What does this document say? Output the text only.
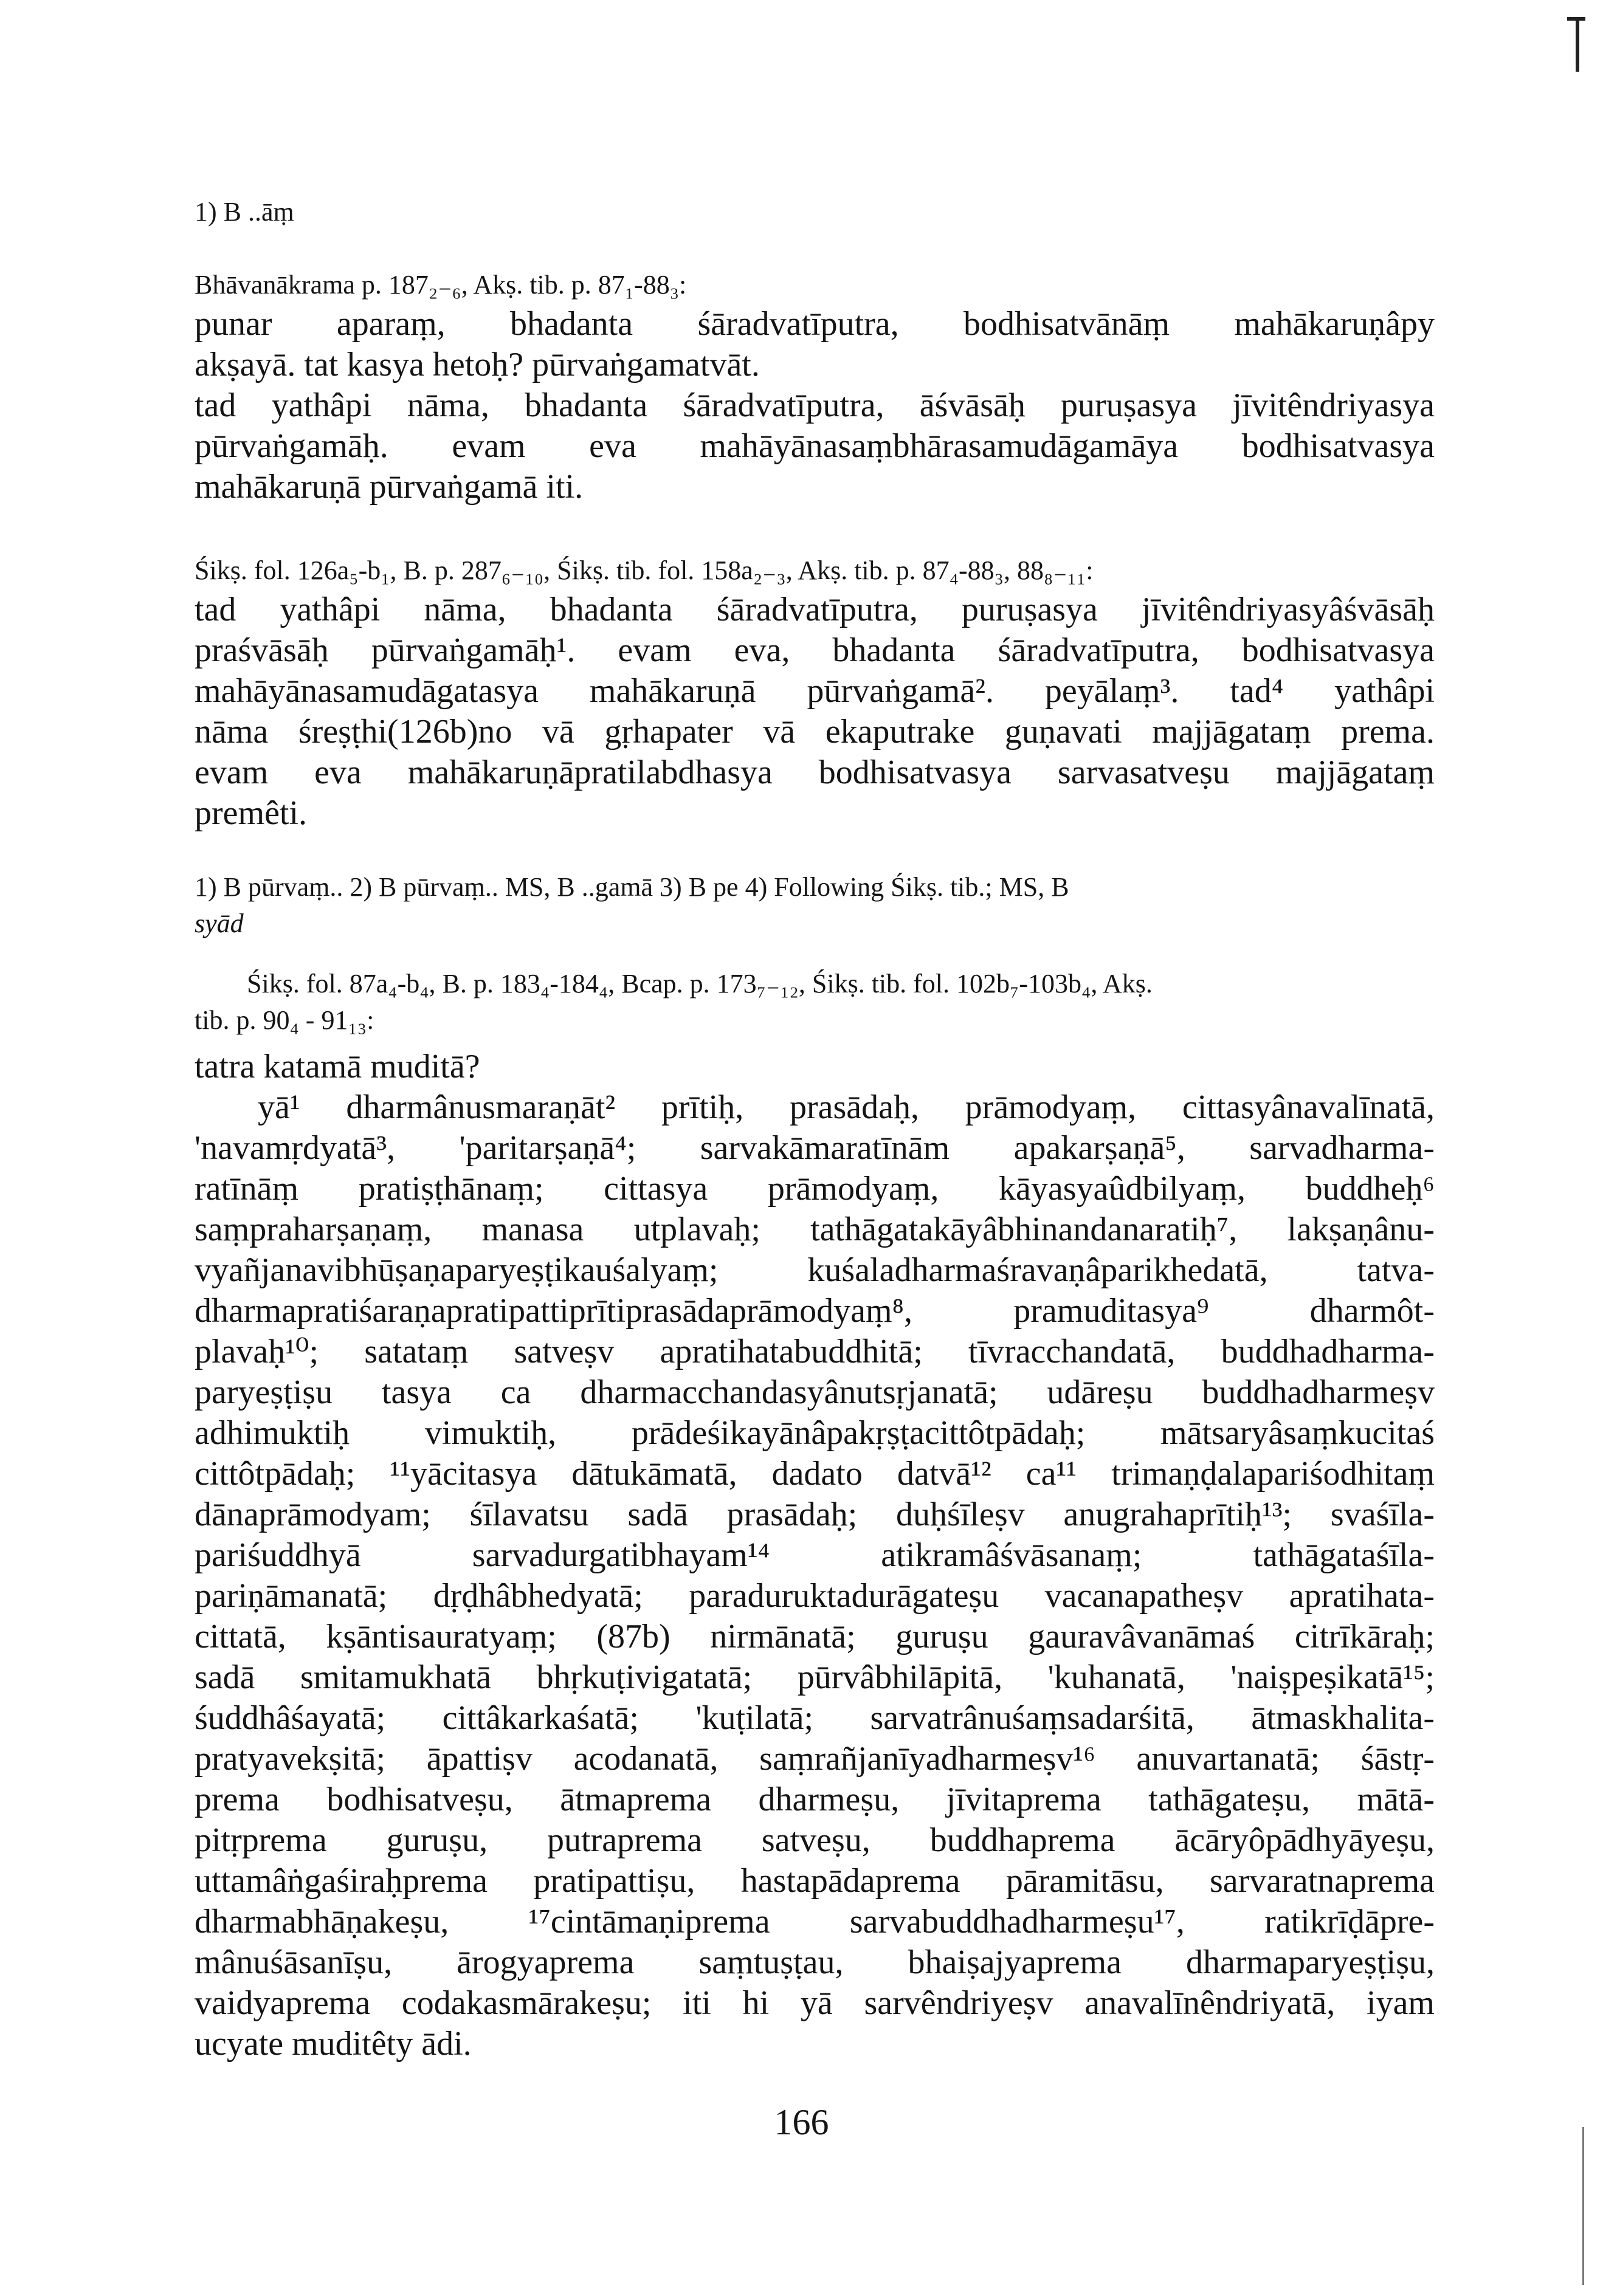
1) B ..āṃ

Bhāvanākrama p. 187₂₋₆, Akṣ. tib. p. 87₁-88₃:

punar aparaṃ, bhadanta śāradvatīputra, bodhisatvānāṃ mahākaruṇâpy

akṣayā. tat kasya hetoḥ? pūrvaṅgamatvāt.

tad yathâpi nāma, bhadanta śāradvatīputra, āśvāsāḥ puruṣasya jīvitêndriyasya

pūrvaṅgamāḥ. evam eva mahāyānasaṃbhārasamudāgamāya bodhisatvasya

mahākaruṇā pūrvaṅgamā iti.

Śikṣ. fol. 126a₅-b₁, B. p. 287₆₋₁₀, Śikṣ. tib. fol. 158a₂₋₃, Akṣ. tib. p. 87₄-88₃, 88₈₋₁₁:

tad yathâpi nāma, bhadanta śāradvatīputra, puruṣasya jīvitêndriyasyâśvāsāḥ

praśvāsāḥ pūrvaṅgamāḥ¹. evam eva, bhadanta śāradvatīputra, bodhisatvasya

mahāyānasamudāgatasya mahākaruṇā pūrvaṅgamā². peyālaṃ³. tad⁴ yathâpi

nāma śreṣṭhi(126b)no vā gṛhapater vā ekaputrake guṇavati majjāgataṃ prema.

evam eva mahākaruṇāpratilabdhasya bodhisatvasya sarvasatveṣu majjāgataṃ

premêti.

1) B pūrvaṃ.. 2) B pūrvaṃ.. MS, B ..gamā 3) B pe 4) Following Śikṣ. tib.; MS, B

syād

Śikṣ. fol. 87a₄-b₄, B. p. 183₄-184₄, Bcap. p. 173₇₋₁₂, Śikṣ. tib. fol. 102b₇-103b₄, Akṣ.

tib. p. 90₄ - 91₁₃:

tatra katamā muditā?

yā¹ dharmânusmaraṇāt² prītiḥ, prasādaḥ, prāmodyaṃ, cittasyânavalīnatā,

'navamṛdyatā³, 'paritarṣaṇā⁴; sarvakāmaratīnām apakarṣaṇā⁵, sarvadharma-

ratīnāṃ pratiṣṭhānaṃ; cittasya prāmodyaṃ, kāyasyaûdbilyaṃ, buddheḥ⁶

saṃpraharṣaṇaṃ, manasa utplavaḥ; tathāgatakāyâbhinandanaratiḥ⁷, lakṣaṇânu-

vyañjanavibhūṣaṇaparyeṣṭikauśalyaṃ; kuśaladharmaśravaṇâparikhedatā, tatva-

dharmapratiśaraṇapratipattiprītiprasādaprāmodyaṃ⁸, pramuditasya⁹ dharmôt-

plavaḥ¹⁰; satataṃ satveṣv apratihatabuddhitā; tīvracchandatā, buddhadharma-

paryeṣṭiṣu tasya ca dharmacchandasyânutsṛjanatā; udāreṣu buddhadharmeṣv

adhimuktiḥ vimuktiḥ, prādeśikayānâpakṛṣṭacittôtpādaḥ; mātsaryâsaṃkucitaś

cittôtpādaḥ; ¹¹yācitasya dātukāmatā, dadato datvā¹² ca¹¹ trimaṇḍalapariśodhitaṃ

dānaprāmodyam; śīlavatsu sadā prasādaḥ; duḥśīleṣv anugrahaprītiḥ¹³; svaśīla-

pariśuddhyā sarvadurgatibhayam¹⁴ atikramâśvāsanaṃ; tathāgataśīla-

pariṇāmanatā; dṛḍhâbhedyatā; paraduruktadurāgateṣu vacanapatheṣv apratihata-

cittatā, kṣāntisauratyaṃ; (87b) nirmānatā; guruṣu gauravâvanāmaś citrīkāraḥ;

sadā smitamukhatā bhṛkuṭivigatatā; pūrvâbhilāpitā, 'kuhanatā, 'naiṣpeṣikatā¹⁵;

śuddhâśayatā; cittâkarkaśatā; 'kuṭilatā; sarvatrânuśaṃsadarśitā, ātmaskhalita-

pratyavekṣitā; āpattiṣv acodanatā, saṃrañjanīyadharmeṣv¹⁶ anuvartanatā; śāstṛ-

prema bodhisatveṣu, ātmaprema dharmeṣu, jīvitaprema tathāgateṣu, mātā-

pitṛprema guruṣu, putraprema satveṣu, buddhaprema ācāryôpādhyāyeṣu,

uttamâṅgaśiraḥprema pratipattiṣu, hastapādaprema pāramitāsu, sarvaratnaprema

dharmabhāṇakeṣu, ¹⁷cintāmaṇiprema sarvabuddhadharmeṣu¹⁷, ratikrīḍāpre-

mânuśāsanīṣu, ārogyaprema saṃtuṣṭau, bhaiṣajyaprema dharmaparyeṣṭiṣu,

vaidyaprema codakasmārakeṣu; iti hi yā sarvêndriyeṣv anavalīnêndriyatā, iyam

ucyate muditêty ādi.

166
